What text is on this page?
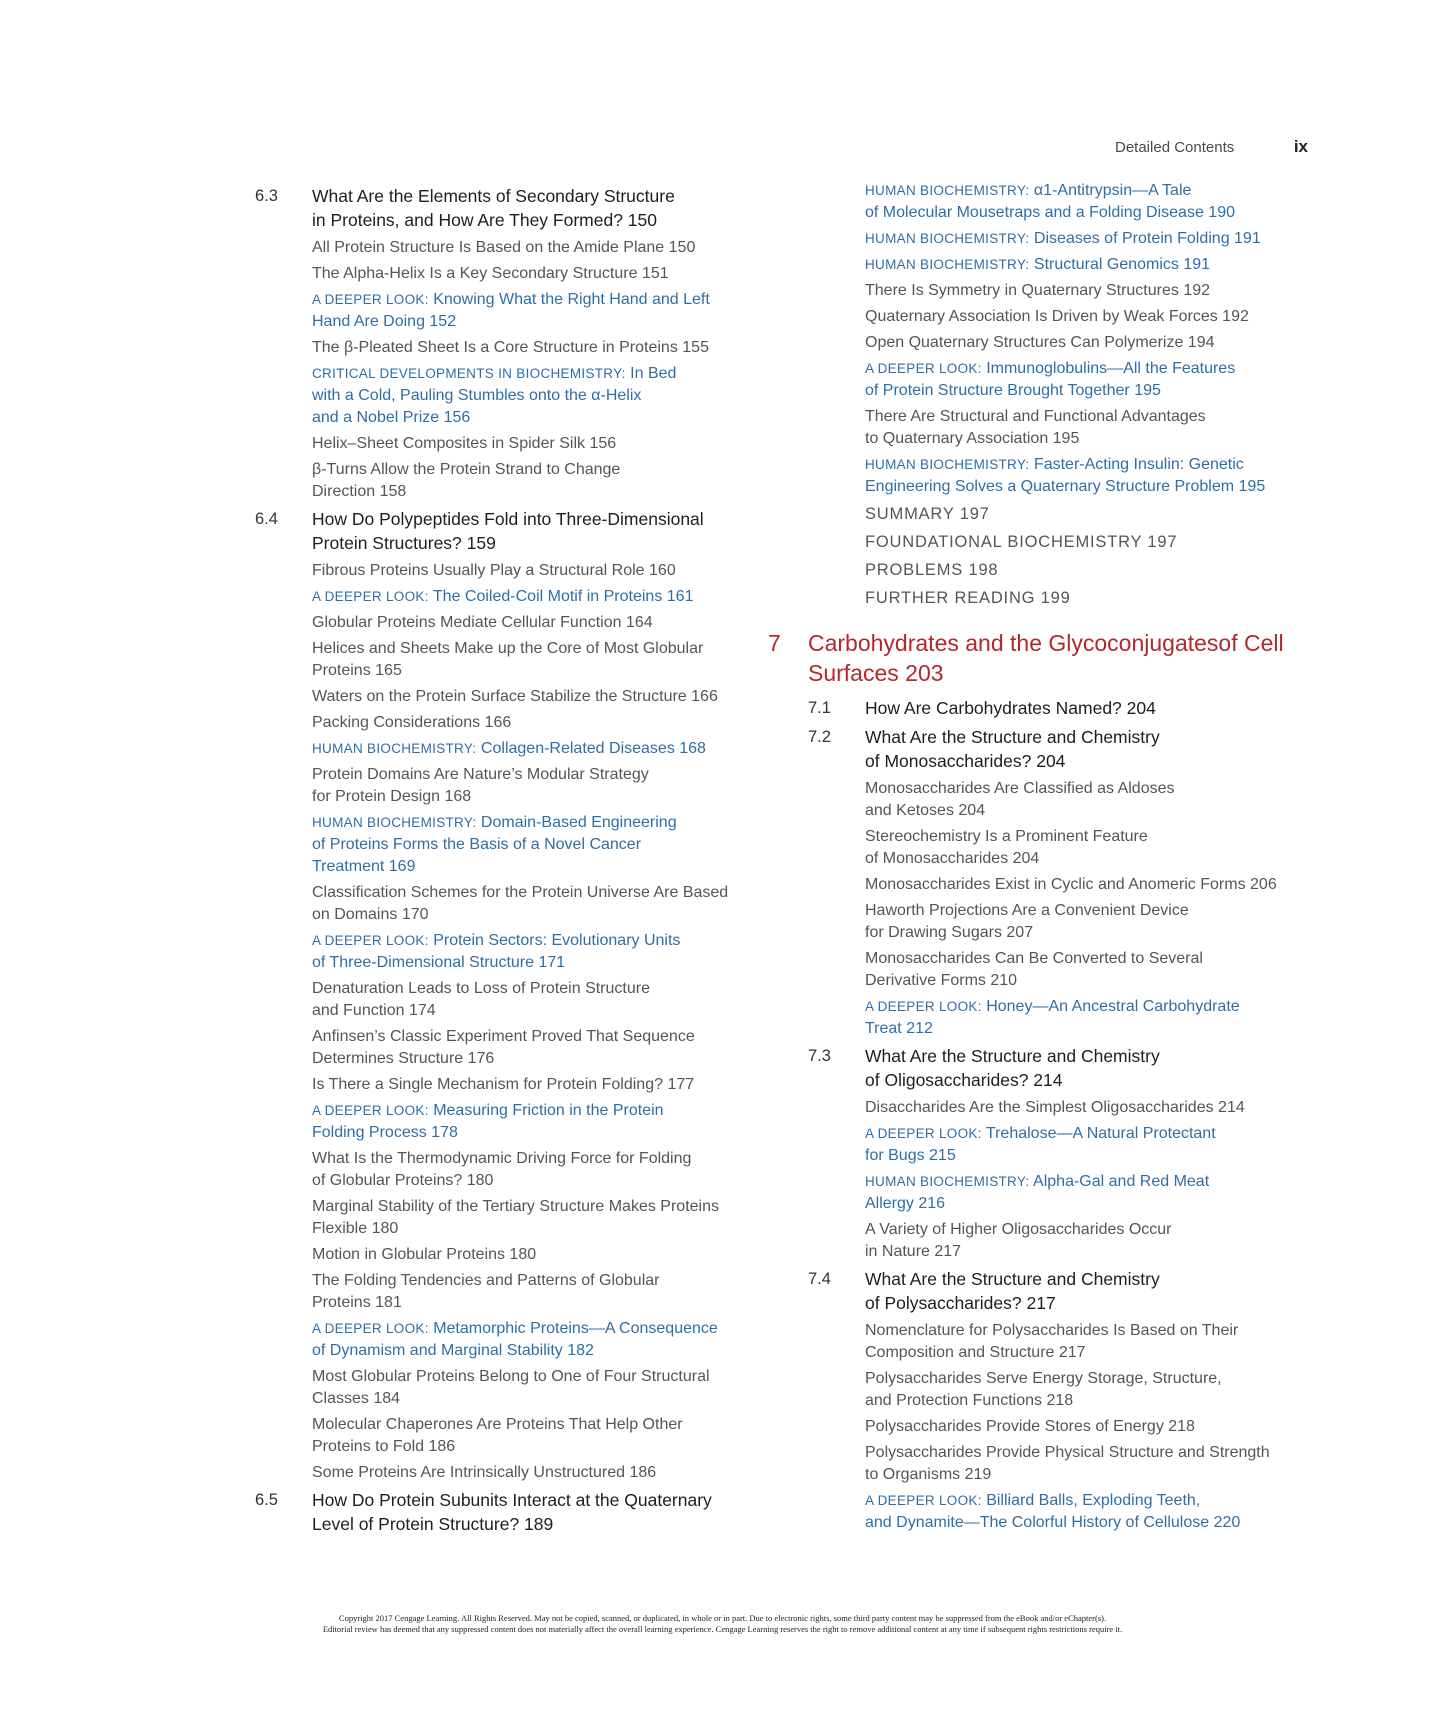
Detailed Contents	ix
6.3 What Are the Elements of Secondary Structure
in Proteins, and How Are They Formed? 150
All Protein Structure Is Based on the Amide Plane 150
The Alpha-Helix Is a Key Secondary Structure 151
A DEEPER LOOK: Knowing What the Right Hand and Left
Hand Are Doing 152
The β-Pleated Sheet Is a Core Structure in Proteins 155
CRITICAL DEVELOPMENTS IN BIOCHEMISTRY: In Bed
with a Cold, Pauling Stumbles onto the α-Helix
and a Nobel Prize 156
Helix–Sheet Composites in Spider Silk 156
β-Turns Allow the Protein Strand to Change
Direction 158
6.4 How Do Polypeptides Fold into Three-Dimensional
Protein Structures? 159
Fibrous Proteins Usually Play a Structural Role 160
A DEEPER LOOK: The Coiled-Coil Motif in Proteins 161
Globular Proteins Mediate Cellular Function 164
Helices and Sheets Make up the Core of Most Globular
Proteins 165
Waters on the Protein Surface Stabilize the Structure 166
Packing Considerations 166
HUMAN BIOCHEMISTRY: Collagen-Related Diseases 168
Protein Domains Are Nature’s Modular Strategy
for Protein Design 168
HUMAN BIOCHEMISTRY: Domain-Based Engineering
of Proteins Forms the Basis of a Novel Cancer
Treatment 169
Classification Schemes for the Protein Universe Are Based
on Domains 170
A DEEPER LOOK: Protein Sectors: Evolutionary Units
of Three-Dimensional Structure 171
Denaturation Leads to Loss of Protein Structure
and Function 174
Anfinsen’s Classic Experiment Proved That Sequence
Determines Structure 176
Is There a Single Mechanism for Protein Folding? 177
A DEEPER LOOK: Measuring Friction in the Protein
Folding Process 178
What Is the Thermodynamic Driving Force for Folding
of Globular Proteins? 180
Marginal Stability of the Tertiary Structure Makes Proteins
Flexible 180
Motion in Globular Proteins 180
The Folding Tendencies and Patterns of Globular
Proteins 181
A DEEPER LOOK: Metamorphic Proteins—A Consequence
of Dynamism and Marginal Stability 182
Most Globular Proteins Belong to One of Four Structural
Classes 184
Molecular Chaperones Are Proteins That Help Other
Proteins to Fold 186
Some Proteins Are Intrinsically Unstructured 186
6.5 How Do Protein Subunits Interact at the Quaternary
Level of Protein Structure? 189
HUMAN BIOCHEMISTRY: α1-Antitrypsin—A Tale
of Molecular Mousetraps and a Folding Disease 190
HUMAN BIOCHEMISTRY: Diseases of Protein Folding 191
HUMAN BIOCHEMISTRY: Structural Genomics 191
There Is Symmetry in Quaternary Structures 192
Quaternary Association Is Driven by Weak Forces 192
Open Quaternary Structures Can Polymerize 194
A DEEPER LOOK: Immunoglobulins—All the Features
of Protein Structure Brought Together 195
There Are Structural and Functional Advantages
to Quaternary Association 195
HUMAN BIOCHEMISTRY: Faster-Acting Insulin: Genetic
Engineering Solves a Quaternary Structure Problem 195
SUMMARY 197
FOUNDATIONAL BIOCHEMISTRY 197
PROBLEMS 198
FURTHER READING 199
7 Carbohydrates and the Glycoconjugatesof Cell Surfaces 203
7.1 How Are Carbohydrates Named? 204
7.2 What Are the Structure and Chemistry
of Monosaccharides? 204
Monosaccharides Are Classified as Aldoses
and Ketoses 204
Stereochemistry Is a Prominent Feature
of Monosaccharides 204
Monosaccharides Exist in Cyclic and Anomeric Forms 206
Haworth Projections Are a Convenient Device
for Drawing Sugars 207
Monosaccharides Can Be Converted to Several
Derivative Forms 210
A DEEPER LOOK: Honey—An Ancestral Carbohydrate
Treat 212
7.3 What Are the Structure and Chemistry
of Oligosaccharides? 214
Disaccharides Are the Simplest Oligosaccharides 214
A DEEPER LOOK: Trehalose—A Natural Protectant
for Bugs 215
HUMAN BIOCHEMISTRY: Alpha-Gal and Red Meat
Allergy 216
A Variety of Higher Oligosaccharides Occur
in Nature 217
7.4 What Are the Structure and Chemistry
of Polysaccharides? 217
Nomenclature for Polysaccharides Is Based on Their
Composition and Structure 217
Polysaccharides Serve Energy Storage, Structure,
and Protection Functions 218
Polysaccharides Provide Stores of Energy 218
Polysaccharides Provide Physical Structure and Strength
to Organisms 219
A DEEPER LOOK: Billiard Balls, Exploding Teeth,
and Dynamite—The Colorful History of Cellulose 220
Copyright 2017 Cengage Learning. All Rights Reserved. May not be copied, scanned, or duplicated, in whole or in part. Due to electronic rights, some third party content may be suppressed from the eBook and/or eChapter(s).
Editorial review has deemed that any suppressed content does not materially affect the overall learning experience. Cengage Learning reserves the right to remove additional content at any time if subsequent rights restrictions require it.
